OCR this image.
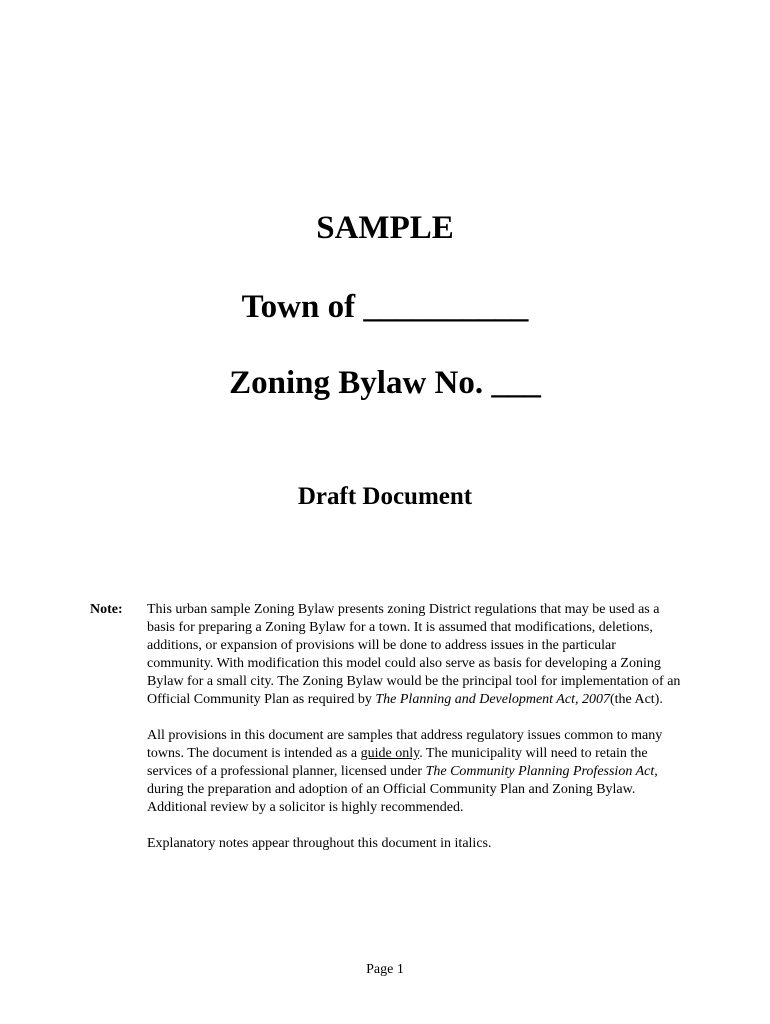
SAMPLE
Town of __________
Zoning Bylaw No. ___
Draft Document
Note: This urban sample Zoning Bylaw presents zoning District regulations that may be used as a basis for preparing a Zoning Bylaw for a town. It is assumed that modifications, deletions, additions, or expansion of provisions will be done to address issues in the particular community. With modification this model could also serve as basis for developing a Zoning Bylaw for a small city. The Zoning Bylaw would be the principal tool for implementation of an Official Community Plan as required by The Planning and Development Act, 2007(the Act).

All provisions in this document are samples that address regulatory issues common to many towns. The document is intended as a guide only. The municipality will need to retain the services of a professional planner, licensed under The Community Planning Profession Act, during the preparation and adoption of an Official Community Plan and Zoning Bylaw. Additional review by a solicitor is highly recommended.

Explanatory notes appear throughout this document in italics.

Page 1
